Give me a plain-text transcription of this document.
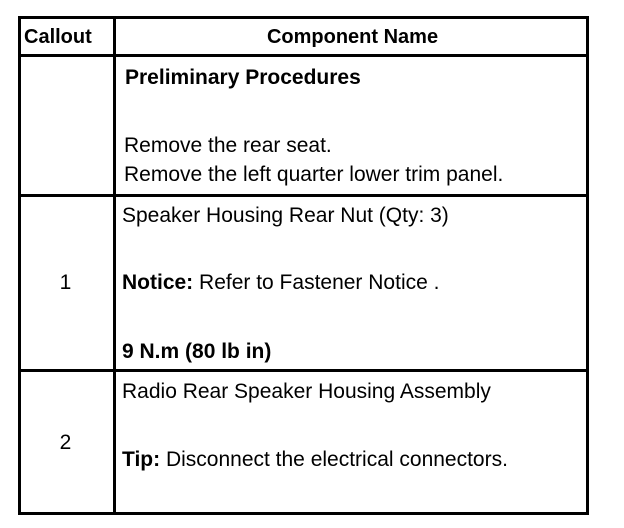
Callout	Component Name
Preliminary Procedures
Remove the rear seat.
Remove the left quarter lower trim panel.
1
Speaker Housing Rear Nut (Qty: 3)
Notice: Refer to Fastener Notice .
9 N.m (80 lb in)
2
Radio Rear Speaker Housing Assembly
Tip: Disconnect the electrical connectors.
